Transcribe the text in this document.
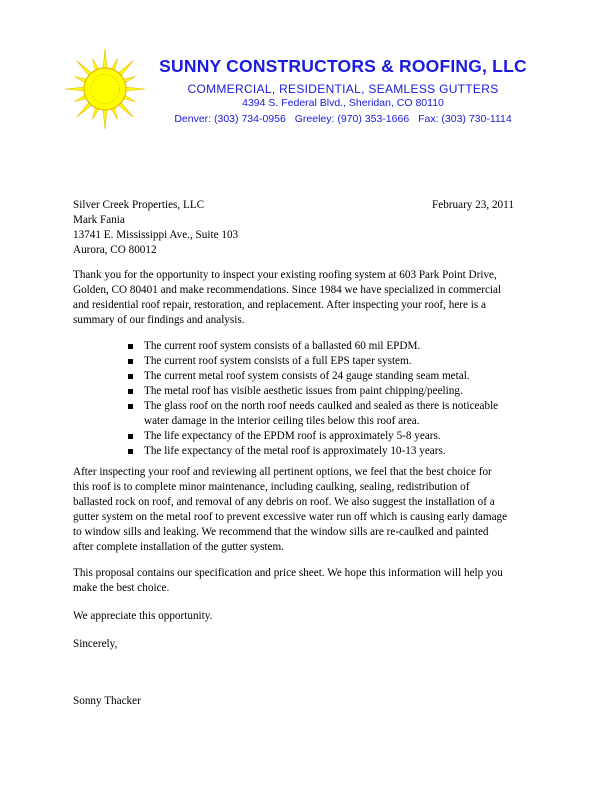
SUNNY CONSTRUCTORS & ROOFING, LLC
COMMERCIAL, RESIDENTIAL, SEAMLESS GUTTERS
4394 S. Federal Blvd., Sheridan, CO 80110
Denver: (303) 734-0956 Greeley: (970) 353-1666 Fax: (303) 730-1114
Silver Creek Properties, LLC
Mark Fania
13741 E. Mississippi Ave., Suite 103
Aurora, CO 80012
February 23, 2011
Thank you for the opportunity to inspect your existing roofing system at 603 Park Point Drive,
Golden, CO 80401 and make recommendations. Since 1984 we have specialized in commercial
and residential roof repair, restoration, and replacement. After inspecting your roof, here is a
summary of our findings and analysis.
The current roof system consists of a ballasted 60 mil EPDM.
The current roof system consists of a full EPS taper system.
The current metal roof system consists of 24 gauge standing seam metal.
The metal roof has visible aesthetic issues from paint chipping/peeling.
The glass roof on the north roof needs caulked and sealed as there is noticeable
water damage in the interior ceiling tiles below this roof area.
The life expectancy of the EPDM roof is approximately 5-8 years.
The life expectancy of the metal roof is approximately 10-13 years.
After inspecting your roof and reviewing all pertinent options, we feel that the best choice for
this roof is to complete minor maintenance, including caulking, sealing, redistribution of
ballasted rock on roof, and removal of any debris on roof. We also suggest the installation of a
gutter system on the metal roof to prevent excessive water run off which is causing early damage
to window sills and leaking. We recommend that the window sills are re-caulked and painted
after complete installation of the gutter system.
This proposal contains our specification and price sheet. We hope this information will help you
make the best choice.
We appreciate this opportunity.
Sincerely,
Sonny Thacker
